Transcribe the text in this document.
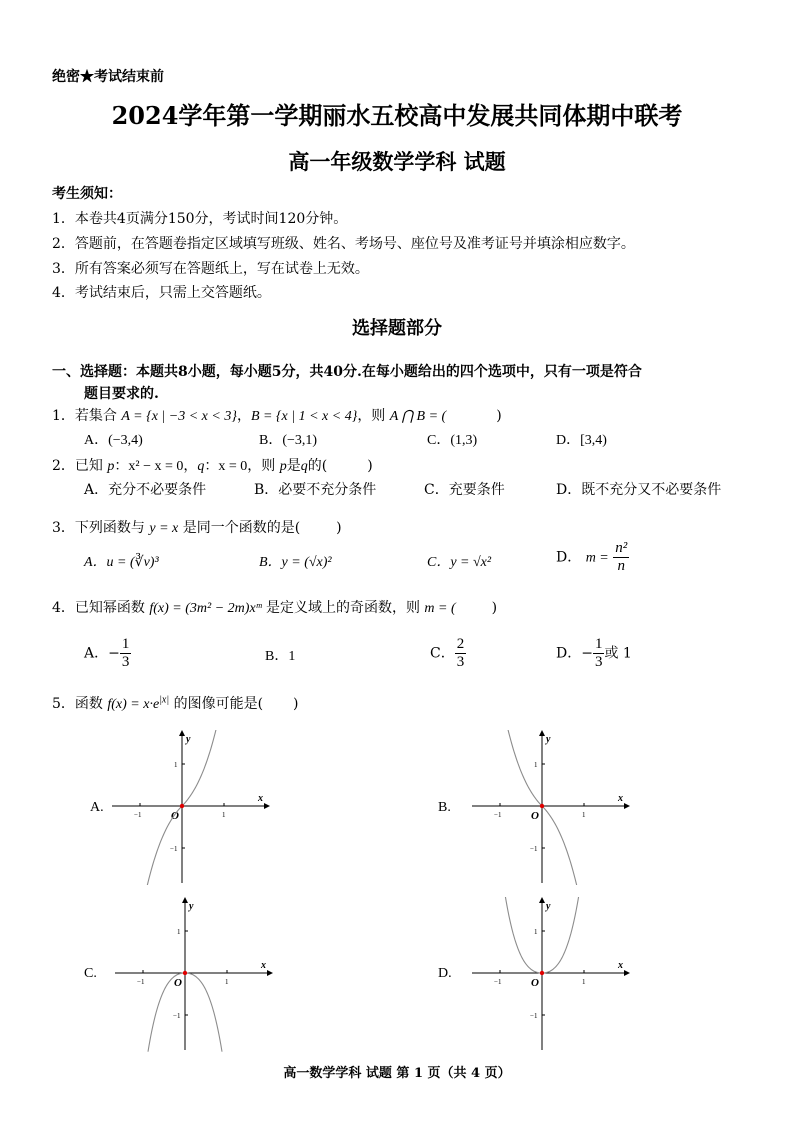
绝密★考试结束前
2024学年第一学期丽水五校高中发展共同体期中联考
高一年级数学学科 试题
考生须知：
1．本卷共4页满分150分，考试时间120分钟。
2．答题前，在答题卷指定区域填写班级、姓名、考场号、座位号及准考证号并填涂相应数字。
3．所有答案必须写在答题纸上，写在试卷上无效。
4．考试结束后，只需上交答题纸。
选择题部分
一、选择题：本题共8小题，每小题5分，共40分.在每小题给出的四个选项中，只有一项是符合
题目要求的.
1．若集合 A = {x | −3 < x < 3}，B = {x | 1 < x < 4}，则 A ⋂ B = (	)
A．(−3,4)	B．(−3,1)	C．(1,3)	D．[3,4)
2．已知 p：x² − x = 0，q：x = 0，则 p是q的(	)
A．充分不必要条件	B．必要不充分条件	C．充要条件	D．既不充分又不必要条件
3．下列函数与 y = x 是同一个函数的是(	)
A．u = (∛v)³	B．y = (√x)²	C．y = √x²	D． $m = \frac{\text{n²}}{n}$
4．已知幂函数 f(x) = (3m² − 2m)xᵐ 是定义域上的奇函数，则 m = (	)
A．− $\frac{1}{3}$	B．1	C． $\frac{2}{3}$	D．− $\frac{1}{3}$ 或 1
5．函数 $f(x) = x\cdot e^{|x|}$ 的图像可能是( )
A.	B.
C.	D.
x
y
1
−1
1
−1
O
x
y
1
−1
1
−1
O
x
y
1
−1
1
−1
O
x
y
1
−1
1
−1
O
高一数学学科 试题 第 1 页（共 4 页）
